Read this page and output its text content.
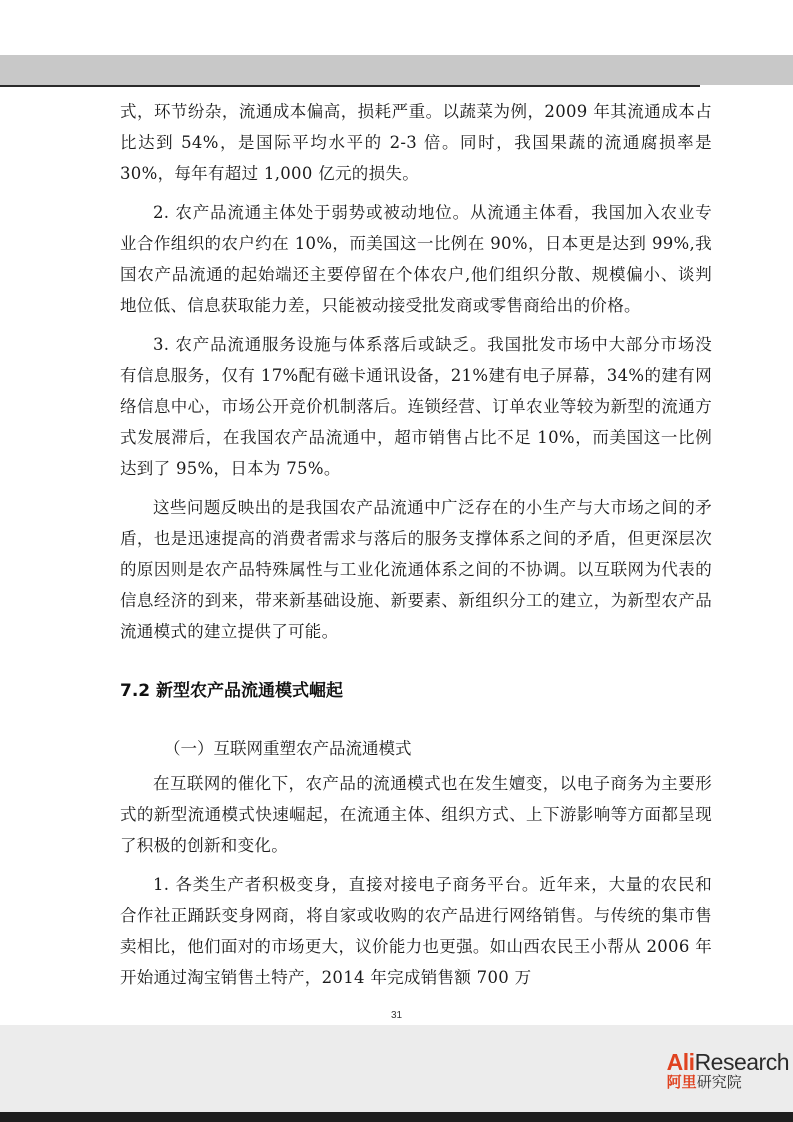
式，环节纷杂，流通成本偏高，损耗严重。以蔬菜为例，2009 年其流通成本占比达到 54%，是国际平均水平的 2-3 倍。同时，我国果蔬的流通腐损率是 30%，每年有超过 1,000 亿元的损失。

2. 农产品流通主体处于弱势或被动地位。从流通主体看，我国加入农业专业合作组织的农户约在 10%，而美国这一比例在 90%，日本更是达到 99%,我国农产品流通的起始端还主要停留在个体农户,他们组织分散、规模偏小、谈判地位低、信息获取能力差，只能被动接受批发商或零售商给出的价格。

3. 农产品流通服务设施与体系落后或缺乏。我国批发市场中大部分市场没有信息服务，仅有 17%配有磁卡通讯设备，21%建有电子屏幕，34%的建有网络信息中心，市场公开竞价机制落后。连锁经营、订单农业等较为新型的流通方式发展滞后，在我国农产品流通中，超市销售占比不足 10%，而美国这一比例达到了 95%，日本为 75%。

这些问题反映出的是我国农产品流通中广泛存在的小生产与大市场之间的矛盾，也是迅速提高的消费者需求与落后的服务支撑体系之间的矛盾，但更深层次的原因则是农产品特殊属性与工业化流通体系之间的不协调。以互联网为代表的信息经济的到来，带来新基础设施、新要素、新组织分工的建立，为新型农产品流通模式的建立提供了可能。

7.2 新型农产品流通模式崛起
（一）互联网重塑农产品流通模式

在互联网的催化下，农产品的流通模式也在发生嬗变，以电子商务为主要形式的新型流通模式快速崛起，在流通主体、组织方式、上下游影响等方面都呈现了积极的创新和变化。

1. 各类生产者积极变身，直接对接电子商务平台。近年来，大量的农民和合作社正踊跃变身网商，将自家或收购的农产品进行网络销售。与传统的集市售卖相比，他们面对的市场更大，议价能力也更强。如山西农民王小帮从 2006 年开始通过淘宝销售土特产，2014 年完成销售额 700 万

31
AliResearch
阿里研究院
